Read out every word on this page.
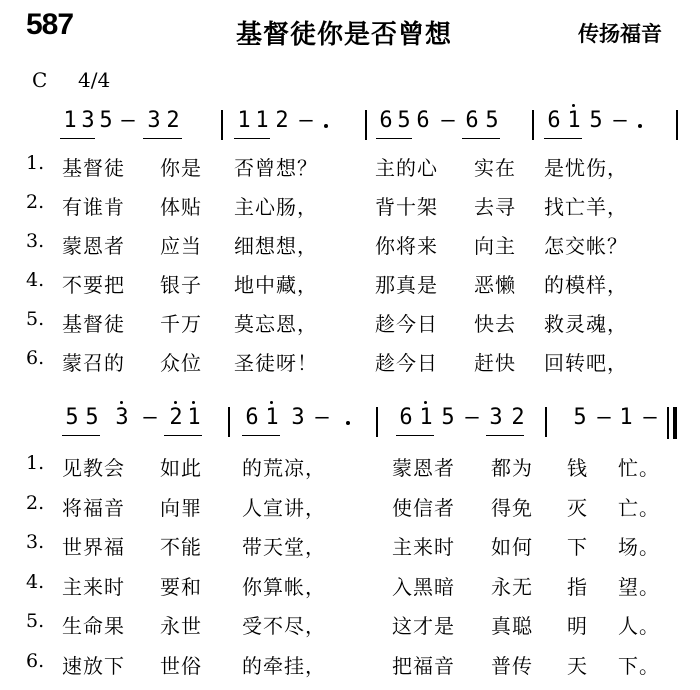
587	基督徒你是否曾想	传扬福音
C 4/4
1 3 5 — 3 2	1 1 2 —	6 5 6 — 6 5 6 1 5 —
1. 基督徒 你是 否曾想？	主的心 实在 是忧伤，
2. 有谁肯 体贴 主心肠，	背十架 去寻 找亡羊，
3. 蒙恩者 应当 细想想，	你将来 向主 怎交帐？
4. 不要把 银子 地中藏，	那真是 恶懒 的模样，
5. 基督徒 千万 莫忘恩，	趁今日 快去 救灵魂，
6. 蒙召的 众位 圣徒呀！	趁今日 赶快 回转吧，
5 5 3 — 2 1 6 1 3 —	6 1 5 — 3 2 5 — 1 —
1. 见教会 如此 的荒凉，	蒙恩者 都为 钱 忙。
2. 将福音 向罪 人宣讲，	使信者 得免 灭 亡。
3. 世界福 不能 带天堂，	主来时 如何 下 场。
4. 主来时 要和 你算帐，	入黑暗 永无 指 望。
5. 生命果 永世 受不尽，	这才是 真聪 明 人。
6. 速放下 世俗 的牵挂，	把福音 普传 天 下。
